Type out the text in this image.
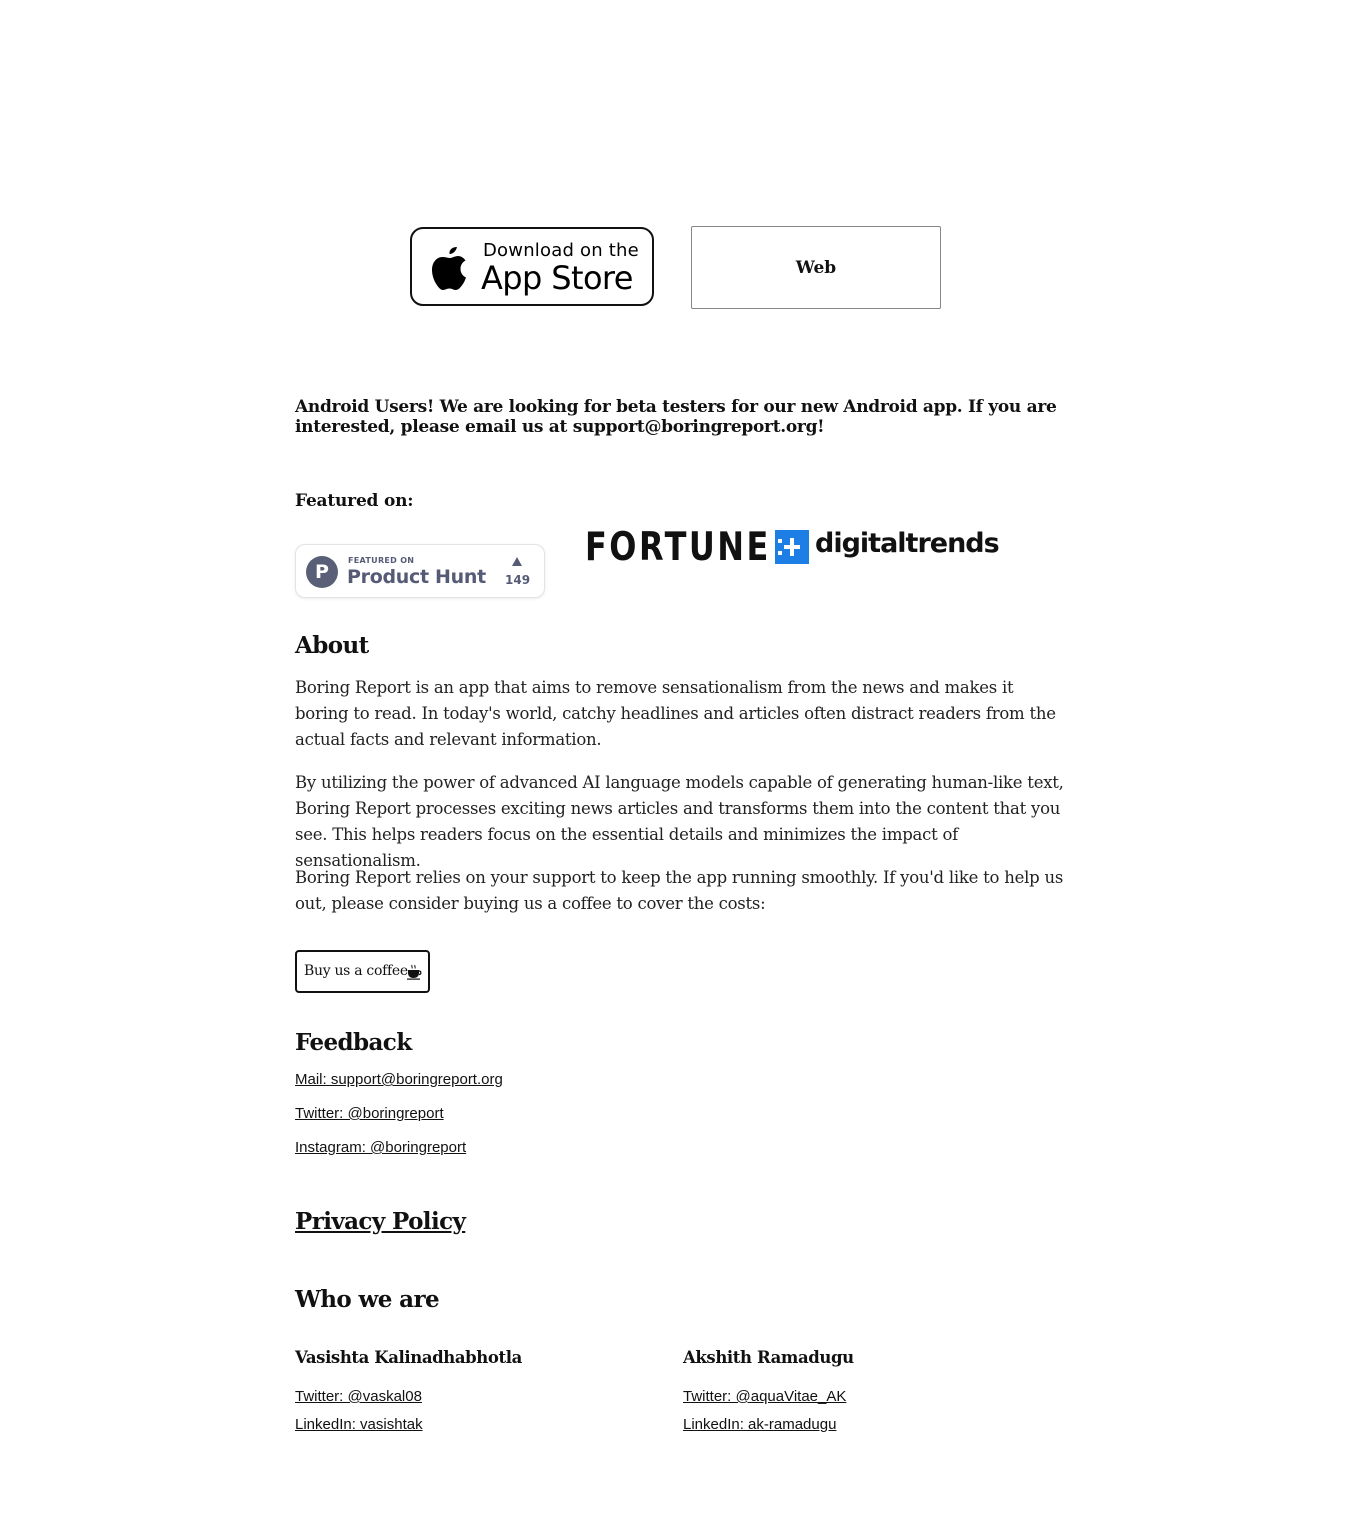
Download on the
App Store	Web
Android Users! We are looking for beta testers for our new Android app. If you are interested, please email us at support@boringreport.org!
Featured on:
P
FEATURED ON
Product Hunt 149
FORTUNE digitaltrends
About

Boring Report is an app that aims to remove sensationalism from the news and makes it boring to read. In today's world, catchy headlines and articles often distract readers from the actual facts and relevant information.

By utilizing the power of advanced AI language models capable of generating human-like text, Boring Report processes exciting news articles and transforms them into the content that you see. This helps readers focus on the essential details and minimizes the impact of sensationalism.

Boring Report relies on your support to keep the app running smoothly. If you'd like to help us out, please consider buying us a coffee to cover the costs:

Buy us a coffee
Feedback
Mail: support@boringreport.org
Twitter: @boringreport
Instagram: @boringreport
Privacy Policy
Who we are
Vasishta Kalinadhabhotla
Twitter: @vaskal08
LinkedIn: vasishtak
Akshith Ramadugu
Twitter: @aquaVitae_AK
LinkedIn: ak-ramadugu
